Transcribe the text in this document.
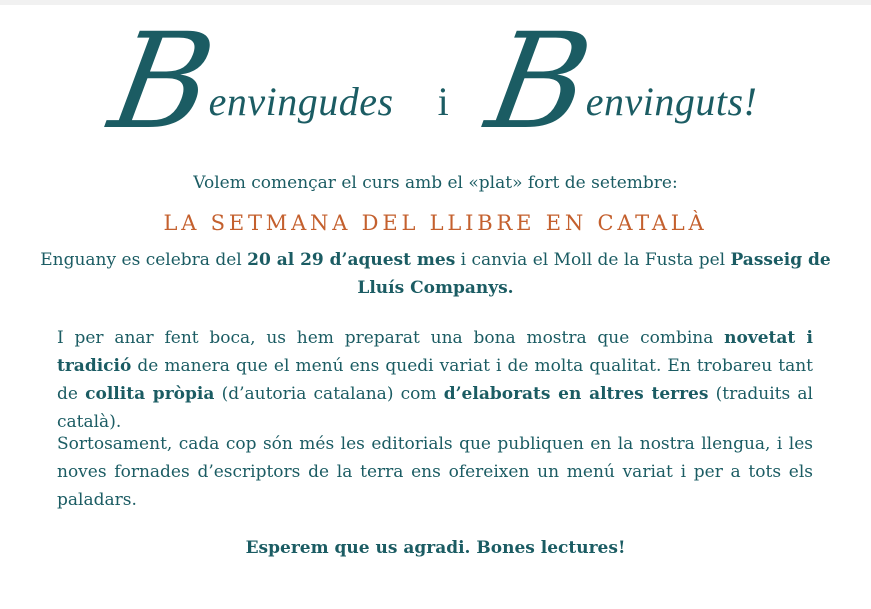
B
envingudes i B
envinguts!
Volem començar el curs amb el «plat» fort de setembre:
LA SETMANA DEL LLIBRE EN CATALÀ
Enguany es celebra del 20 al 29 d’aquest mes i canvia el Moll de la Fusta pel Passeig de Lluís Companys.
I per anar fent boca, us hem preparat una bona mostra que combina novetat i tradició de manera que el menú ens quedi variat i de molta qualitat. En trobareu tant de collita pròpia (d’autoria catalana) com d’elaborats en altres terres (traduits al català).
Sortosament, cada cop són més les editorials que publiquen en la nostra llengua, i les noves fornades d’escriptors de la terra ens ofereixen un menú variat i per a tots els paladars.
Esperem que us agradi. Bones lectures!
